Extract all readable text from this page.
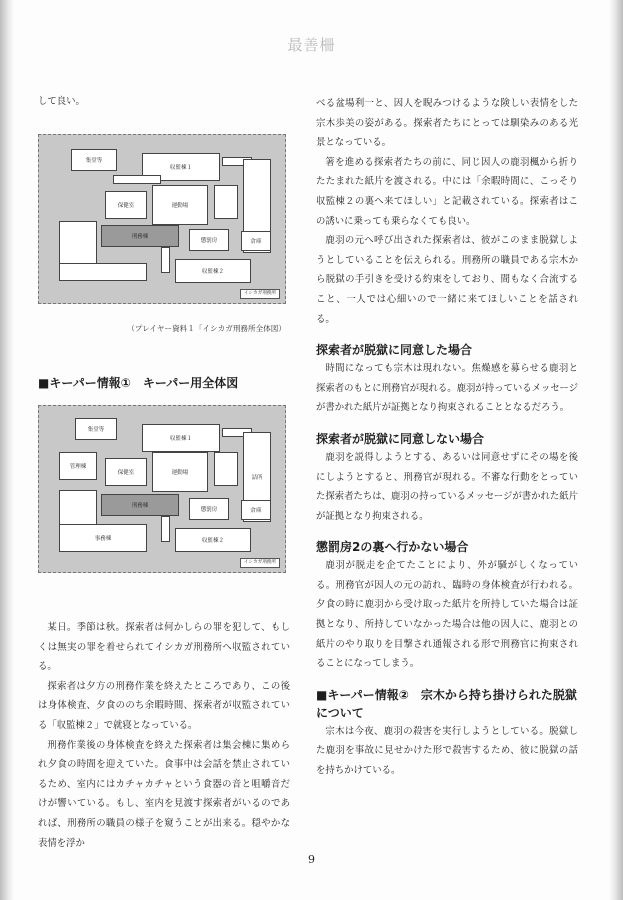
最善柵

して良い。

集堂等
収監棟１
保健室	運動場
刑務棟
懲罰房
収監棟２
倉庫
イシカガ刑務所
（プレイヤー資料１「イシカガ刑務所全体図）

■キーパー情報①　キーパー用全体図

集堂等
収監棟１
管理棟
保健室	運動場
詰所
刑務棟
事務棟
懲罰房	倉庫
収監棟２
イシカガ刑務所

某日。季節は秋。探索者は何かしらの罪を犯して、もしくは無実の罪を着せられてイシカガ刑務所へ収監されている。

探索者は夕方の刑務作業を終えたところであり、この後は身体検査、夕食ののち余暇時間、探索者が収監されている「収監棟２」で就寝となっている。

刑務作業後の身体検査を終えた探索者は集会棟に集められ夕食の時間を迎えていた。食事中は会話を禁止されているため、室内にはカチャカチャという食器の音と咀嚼音だけが響いている。もし、室内を見渡す探索者がいるのであれば、刑務所の職員の様子を窺うことが出来る。穏やかな表情を浮か

べる盆場利一と、因人を睨みつけるような険しい表情をした宗木歩美の姿がある。探索者たちにとっては馴染みのある光景となっている。

箸を進める探索者たちの前に、同じ因人の鹿羽楓から折りたたまれた紙片を渡される。中には「余暇時間に、こっそり収監棟２の裏へ来てほしい」と記載されている。探索者はこの誘いに乗っても乗らなくても良い。

鹿羽の元へ呼び出された探索者は、彼がこのまま脱獄しようとしていることを伝えられる。刑務所の職員である宗木から脱獄の手引きを受ける約束をしており、間もなく合流すること、一人では心細いので一緒に来てほしいことを話される。

探索者が脱獄に同意した場合

時間になっても宗木は現れない。焦燥感を募らせる鹿羽と探索者のもとに刑務官が現れる。鹿羽が持っているメッセージが書かれた紙片が証拠となり拘束されることとなるだろう。

探索者が脱獄に同意しない場合

鹿羽を説得しようとする、あるいは同意せずにその場を後にしようとすると、刑務官が現れる。不審な行動をとっていた探索者たちは、鹿羽の持っているメッセージが書かれた紙片が証拠となり拘束される。

懲罰房2の裏へ行かない場合

鹿羽が脱走を企てたことにより、外が騒がしくなっている。刑務官が因人の元の訪れ、臨時の身体検査が行われる。夕食の時に鹿羽から受け取った紙片を所持していた場合は証拠となり、所持していなかった場合は他の因人に、鹿羽との紙片のやり取りを目撃され通報される形で刑務官に拘束されることになってしまう。

■キーパー情報②　宗木から持ち掛けられた脱獄について

宗木は今夜、鹿羽の殺害を実行しようとしている。脱獄した鹿羽を事故に見せかけた形で殺害するため、彼に脱獄の話を持ちかけている。

9
